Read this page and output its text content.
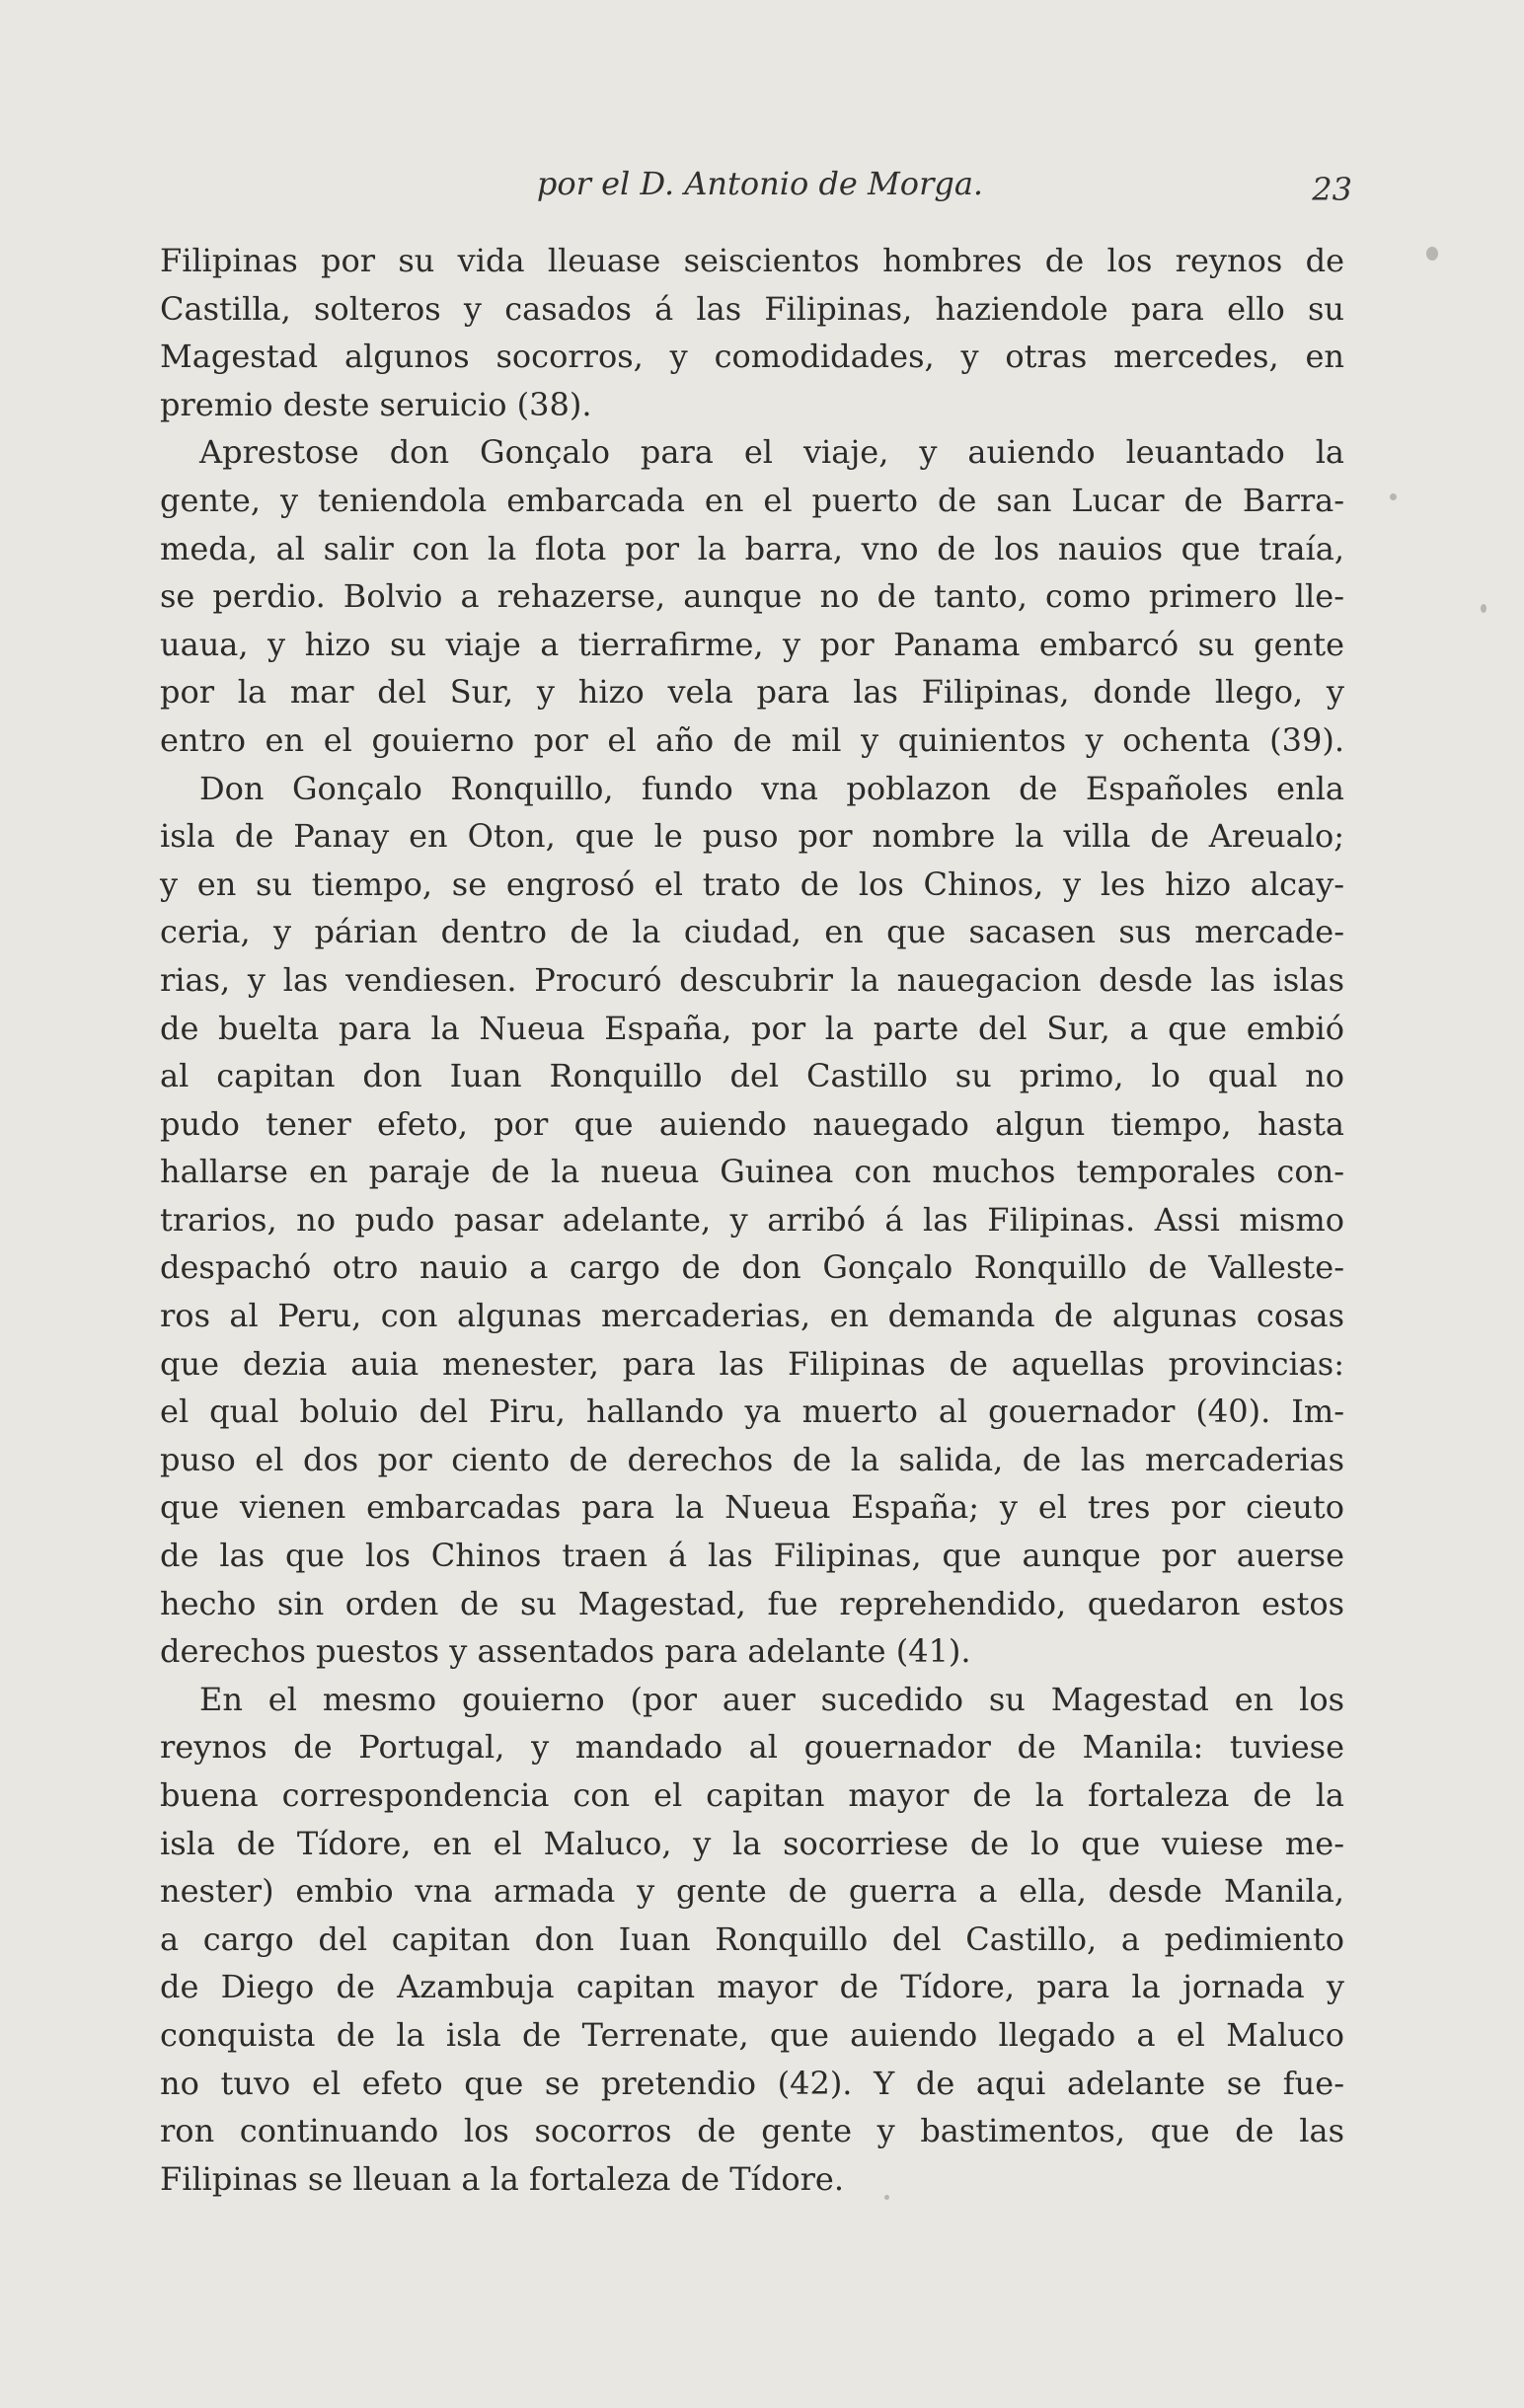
por el D. Antonio de Morga.	23
Filipinas por su vida lleuase seiscientos hombres de los reynos de
Castilla, solteros y casados á las Filipinas, haziendole para ello su
Magestad algunos socorros, y comodidades, y otras mercedes, en
premio deste seruicio (38).
Aprestose don Gonçalo para el viaje, y auiendo leuantado la
gente, y teniendola embarcada en el puerto de san Lucar de Barra-
meda, al salir con la flota por la barra, vno de los nauios que traía,
se perdio. Bolvio a rehazerse, aunque no de tanto, como primero lle-
uaua, y hizo su viaje a tierrafirme, y por Panama embarcó su gente
por la mar del Sur, y hizo vela para las Filipinas, donde llego, y
entro en el gouierno por el año de mil y quinientos y ochenta (39).
Don Gonçalo Ronquillo, fundo vna poblazon de Españoles enla
isla de Panay en Oton, que le puso por nombre la villa de Areualo;
y en su tiempo, se engrosó el trato de los Chinos, y les hizo alcay-
ceria, y párian dentro de la ciudad, en que sacasen sus mercade-
rias, y las vendiesen. Procuró descubrir la nauegacion desde las islas
de buelta para la Nueua España, por la parte del Sur, a que embió
al capitan don Iuan Ronquillo del Castillo su primo, lo qual no
pudo tener efeto, por que auiendo nauegado algun tiempo, hasta
hallarse en paraje de la nueua Guinea con muchos temporales con-
trarios, no pudo pasar adelante, y arribó á las Filipinas. Assi mismo
despachó otro nauio a cargo de don Gonçalo Ronquillo de Valleste-
ros al Peru, con algunas mercaderias, en demanda de algunas cosas
que dezia auia menester, para las Filipinas de aquellas provincias:
el qual boluio del Piru, hallando ya muerto al gouernador (40). Im-
puso el dos por ciento de derechos de la salida, de las mercaderias
que vienen embarcadas para la Nueua España; y el tres por cieuto
de las que los Chinos traen á las Filipinas, que aunque por auerse
hecho sin orden de su Magestad, fue reprehendido, quedaron estos
derechos puestos y assentados para adelante (41).
En el mesmo gouierno (por auer sucedido su Magestad en los
reynos de Portugal, y mandado al gouernador de Manila: tuviese
buena correspondencia con el capitan mayor de la fortaleza de la
isla de Tídore, en el Maluco, y la socorriese de lo que vuiese me-
nester) embio vna armada y gente de guerra a ella, desde Manila,
a cargo del capitan don Iuan Ronquillo del Castillo, a pedimiento
de Diego de Azambuja capitan mayor de Tídore, para la jornada y
conquista de la isla de Terrenate, que auiendo llegado a el Maluco
no tuvo el efeto que se pretendio (42). Y de aqui adelante se fue-
ron continuando los socorros de gente y bastimentos, que de las
Filipinas se lleuan a la fortaleza de Tídore.
